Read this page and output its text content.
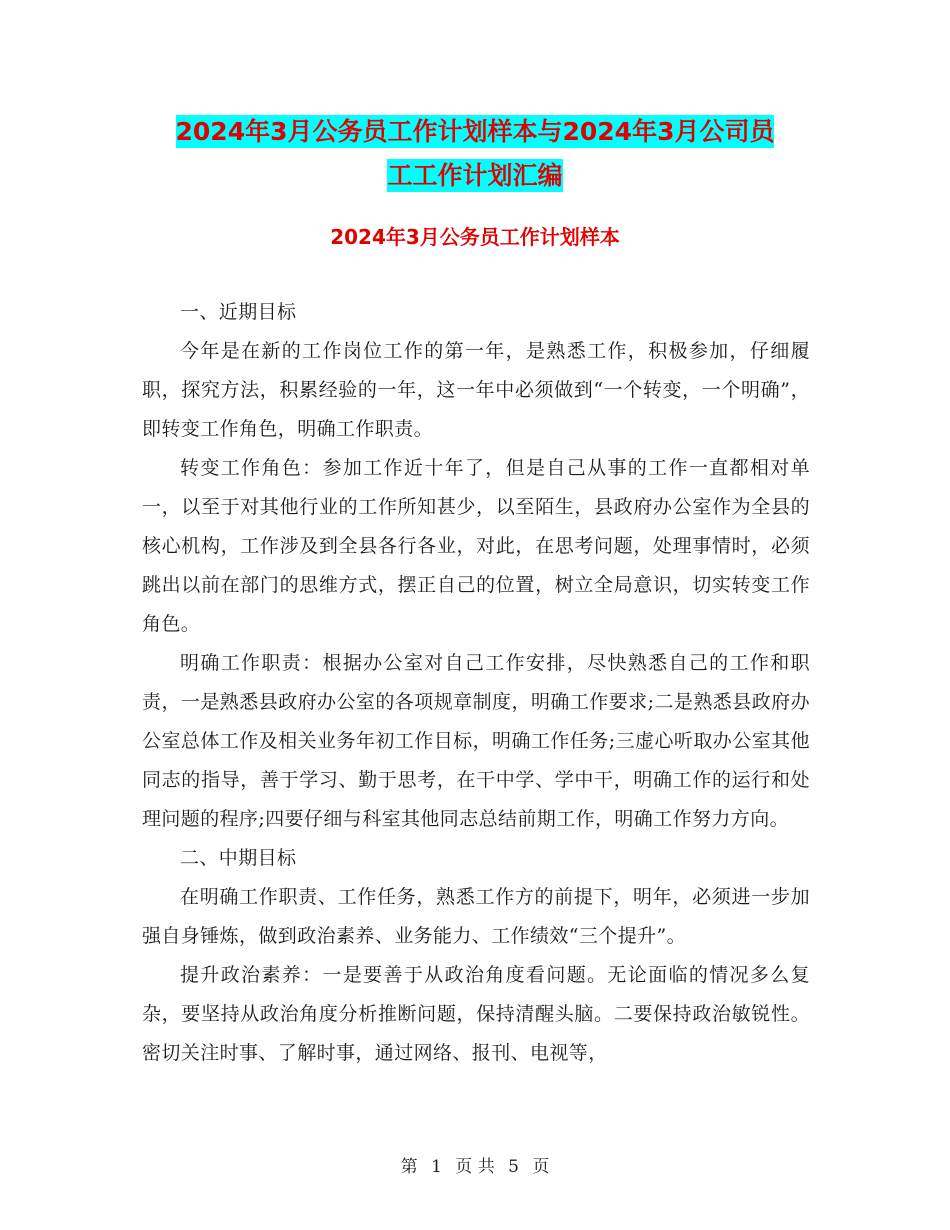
2024年3月公务员工作计划样本与2024年3月公司员
工工作计划汇编
2024年3月公务员工作计划样本

一、近期目标

今年是在新的工作岗位工作的第一年，是熟悉工作，积极参加，仔细履职，探究方法，积累经验的一年，这一年中必须做到“一个转变，一个明确”，即转变工作角色，明确工作职责。

转变工作角色：参加工作近十年了，但是自己从事的工作一直都相对单一，以至于对其他行业的工作所知甚少，以至陌生，县政府办公室作为全县的核心机构，工作涉及到全县各行各业，对此，在思考问题，处理事情时，必须跳出以前在部门的思维方式，摆正自己的位置，树立全局意识，切实转变工作角色。

明确工作职责：根据办公室对自己工作安排，尽快熟悉自己的工作和职责，一是熟悉县政府办公室的各项规章制度，明确工作要求;二是熟悉县政府办公室总体工作及相关业务年初工作目标，明确工作任务;三虚心听取办公室其他同志的指导，善于学习、勤于思考，在干中学、学中干，明确工作的运行和处理问题的程序;四要仔细与科室其他同志总结前期工作，明确工作努力方向。

二、中期目标

在明确工作职责、工作任务，熟悉工作方的前提下，明年，必须进一步加强自身锤炼，做到政治素养、业务能力、工作绩效“三个提升”。

提升政治素养：一是要善于从政治角度看问题。无论面临的情况多么复杂，要坚持从政治角度分析推断问题，保持清醒头脑。二要保持政治敏锐性。密切关注时事、了解时事，通过网络、报刊、电视等，

第 1 页 共 5 页
